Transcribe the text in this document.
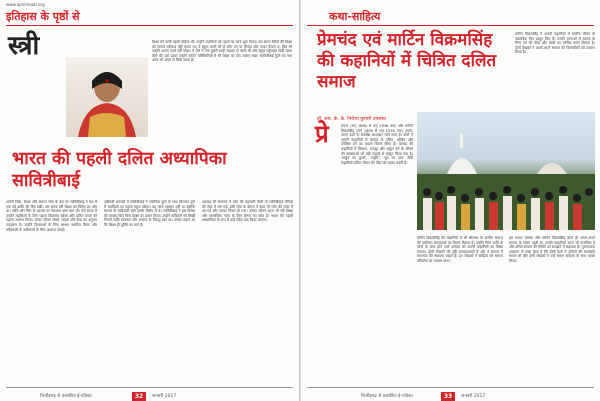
www.apnimaati.org
इतिहास के पृष्ठों से
स्त्री	शिक्षा देने वाली पहली महिला थीं। उन्होंने लड़कियों को पढ़ाने का कार्य शुरू किया। उस समय स्त्रियों की शिक्षा को समाज स्वीकार नहीं करता था। वे स्कूल जाती थीं तो लोग उन पर कीचड़ और पत्थर फेंकते थे, फिर भी उन्होंने अपना कार्य नहीं छोड़ा। वे थैले में एक दूसरी साड़ी रखकर ले जाती थीं और स्कूल पहुँचकर साड़ी बदल लेती थीं। इस प्रकार उन्होंने कठिन परिस्थितियों में भी शिक्षा का दीप जलाए रखा। सावित्रीबाई फुले का नाम आज भी आदर से लिया जाता है।
भारत की पहली दलित अध्यापिका सावित्रीबाई
अपनी निष्ठा, शिक्षा और समाज सेवा के बल पर सावित्रीबाई ने देश में एक नई क्रांति की नींव रखी। उस समय स्त्री शिक्षा का विरोध हर ओर था। जाति और लिंग के आधार पर भेदभाव आम बात थी। ऐसे समय में उन्होंने लड़कियों के लिए पहला विद्यालय खोला और दलित बच्चों को पढ़ाना आरम्भ किया। उनका जीवन संघर्ष, साहस और सेवा का अनुपम उदाहरण है। उन्होंने विधवाओं के लिए आश्रम स्थापित किया और महिलाओं के अधिकारों के लिए आवाज उठाई।
उन्नीसवीं शताब्दी में सावित्रीबाई ने ज्योतिबा फुले के साथ मिलकर पुणे में लड़कियों का पहला स्कूल खोला। यह कार्य आसान नहीं था क्योंकि समाज के रूढ़िवादी लोग इसके विरोध में थे। सावित्रीबाई ने इस विरोध की परवाह किए बिना शिक्षा का प्रसार किया। उन्होंने कविताएँ भी लिखीं जिनमें जाति व्यवस्था और अन्याय के विरुद्ध स्वर था। उनका कहना था कि शिक्षा ही मुक्ति का मार्ग है।
अठारह सौ सत्तानवे में प्लेग की महामारी फैली तो सावित्रीबाई रोगियों की सेवा में लग गईं। इसी सेवा के दौरान वे स्वयं भी प्लेग की चपेट में आ गईं और उनका निधन हो गया। उनका जीवन आज भी स्त्री शिक्षा और सामाजिक न्याय के लिए प्रेरणा का स्रोत है। भारत की पहली अध्यापिका के रूप में उन्हें सदैव याद किया जाएगा।
चित्तौड़गढ़ से प्रकाशित ई-पत्रिका	32	जनवरी 2017
कथा-साहित्य
प्रेमचंद एवं मार्टिन विक्रमसिंह की कहानियों में चित्रित दलित समाज
मार्टिन विक्रमसिंह ने अपनी कहानियों में ग्रामीण जीवन के वास्तविक चित्र प्रस्तुत किए हैं। उनकी रचनाओं में समाज के निम्न वर्ग की पीड़ा और संघर्ष का मार्मिक वर्णन मिलता है। दोनों लेखकों ने अपने-अपने समाज की विसंगतियों को उजागर किया है।
डॉ. आर. के. के. निरोशा कुमारी उपलब्ध
प्रे	मचन्द (सन् 1880 से सन् 1936 तक) और मार्टिन विक्रमसिंह (सन् 1890 से सन् 1976 तक) अपने-अपने देशों के सर्वश्रेष्ठ कथाकार माने जाते हैं। दोनों ने अपनी कहानियों में समाज के दलित, शोषित और उपेक्षित वर्ग का यथार्थ चित्रण किया है। प्रेमचंद की कहानियों में किसान, मजदूर और अछूत वर्ग के जीवन की समस्याओं को बड़ी गहराई से प्रस्तुत किया गया है। 'ठाकुर का कुआँ', 'सद्गति', 'दूध का दाम' जैसी कहानियाँ दलित जीवन की पीड़ा को व्यक्त करती हैं।
मार्टिन विक्रमसिंह की कहानियों में भी श्रीलंका के ग्रामीण समाज की जातिगत समस्याओं का चित्रण मिलता है। उन्होंने निम्न जाति के लोगों के साथ होने वाले अन्याय को अपनी कहानियों का विषय बनाया। दोनों लेखकों की दृष्टि मानवतावादी है और वे समाज में समानता की स्थापना चाहते हैं। इन लेखकों ने साहित्य को समाज परिवर्तन का माध्यम माना।
इस प्रकार प्रेमचंद और मार्टिन विक्रमसिंह दोनों ही अपने-अपने समाज के सजग प्रहरी थे। उनकी कहानियाँ आज भी प्रासंगिक हैं और दलित समाज की स्थिति को समझने में सहायक हैं। तुलनात्मक अध्ययन से स्पष्ट होता है कि दोनों देशों में दलितों की समस्याएँ समान थीं और दोनों लेखकों ने उन्हें समान संवेदना के साथ व्यक्त किया।
चित्तौड़गढ़ से प्रकाशित ई-पत्रिका	33	जनवरी 2017
